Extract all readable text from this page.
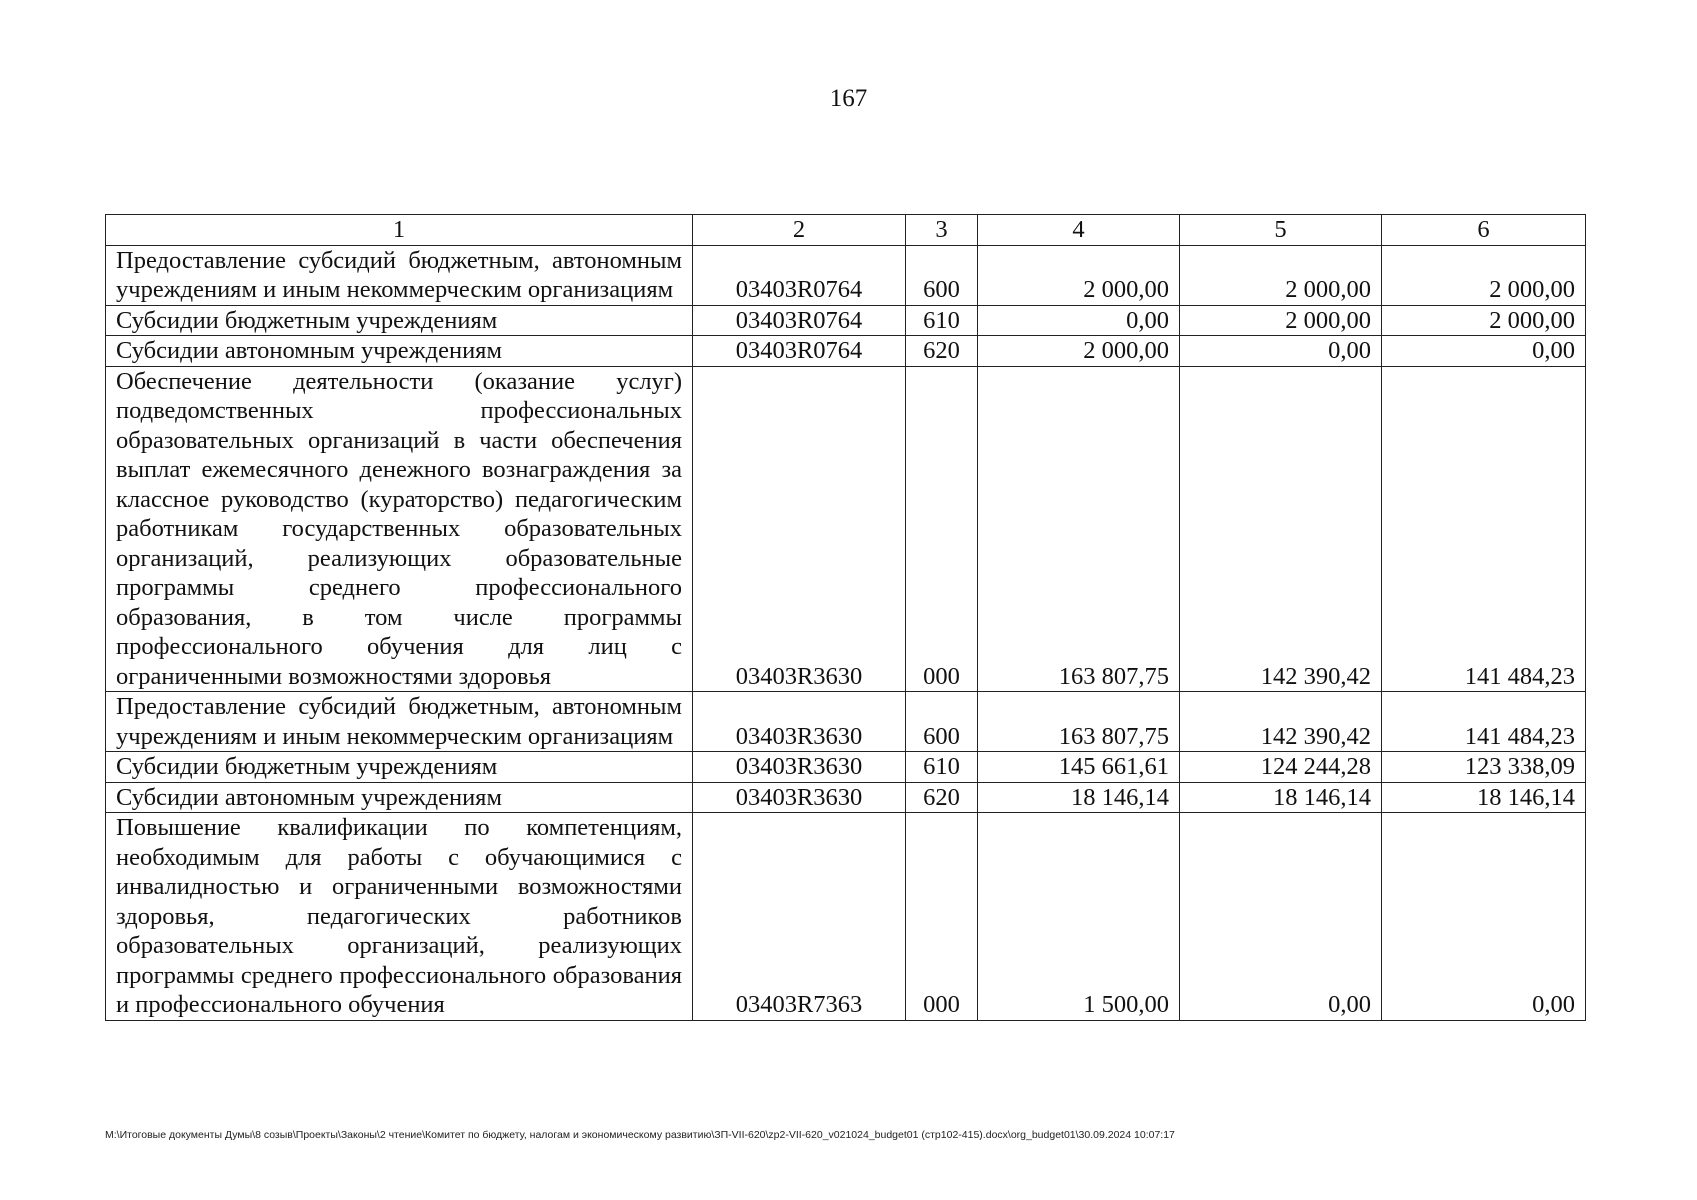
167
1	2	3	4	5	6
Предоставление субсидий бюджетным, автономным учреждениям и иным некоммерческим организациям	03403R0764	600	2 000,00	2 000,00	2 000,00
Субсидии бюджетным учреждениям	03403R0764	610	0,00	2 000,00	2 000,00
Субсидии автономным учреждениям	03403R0764	620	2 000,00	0,00	0,00
Обеспечение деятельности (оказание услуг) подведомственных профессиональных образовательных организаций в части обеспечения выплат ежемесячного денежного вознаграждения за классное руководство (кураторство) педагогическим работникам государственных образовательных организаций, реализующих образовательные программы среднего профессионального образования, в том числе программы профессионального обучения для лиц с ограниченными возможностями здоровья	03403R3630	000	163 807,75	142 390,42	141 484,23
Предоставление субсидий бюджетным, автономным учреждениям и иным некоммерческим организациям	03403R3630	600	163 807,75	142 390,42	141 484,23
Субсидии бюджетным учреждениям	03403R3630	610	145 661,61	124 244,28	123 338,09
Субсидии автономным учреждениям	03403R3630	620	18 146,14	18 146,14	18 146,14
Повышение квалификации по компетенциям, необходимым для работы с обучающимися с инвалидностью и ограниченными возможностями здоровья, педагогических работников образовательных организаций, реализующих программы среднего профессионального образования и профессионального обучения	03403R7363	000	1 500,00	0,00	0,00
M:\Итоговые документы Думы\8 созыв\Проекты\Законы\2 чтение\Комитет по бюджету, налогам и экономическому развитию\ЗП-VII-620\zp2-VII-620_v021024_budget01 (стр102-415).docx\org_budget01\30.09.2024 10:07:17
